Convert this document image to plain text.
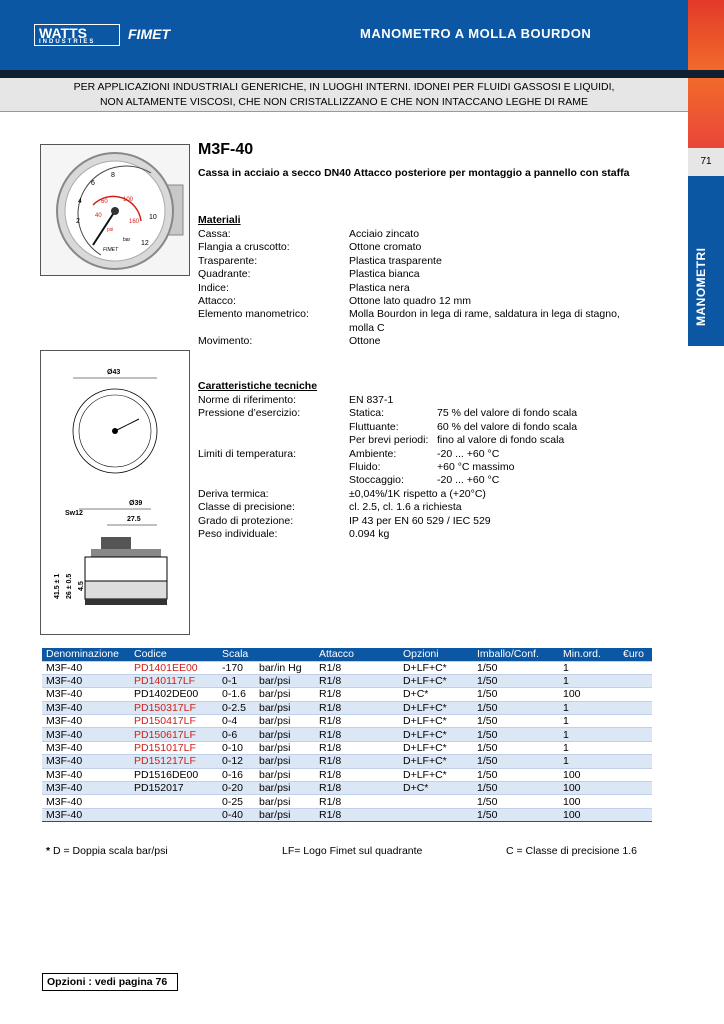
WATTS
INDUSTRIES	FIMET	MANOMETRO A MOLLA BOURDON
PER APPLICAZIONI INDUSTRIALI GENERICHE, IN LUOGHI INTERNI. IDONEI PER FLUIDI GASSOSI E LIQUIDI,
NON ALTAMENTE VISCOSI, CHE NON CRISTALLIZZANO E CHE NON INTACCANO LEGHE DI RAME
71
MANOMETRI
2
4
6
8
10
12
40
60	100
160
psi
bar
FIMET
Ø43
Ø39
Sw12
27.5
41.5 ± 1 26 ± 0.5 4.5
M3F-40
Cassa in acciaio a secco DN40 Attacco posteriore per montaggio a pannello con staffa
Materiali
Cassa:	Acciaio zincato
Flangia a cruscotto:	Ottone cromato
Trasparente:	Plastica trasparente
Quadrante:	Plastica bianca
Indice:	Plastica nera
Attacco:	Ottone lato quadro 12 mm
Elemento manometrico:	Molla Bourdon in lega di rame, saldatura in lega di stagno,
molla C
Movimento:	Ottone
Caratteristiche tecniche
Norme di riferimento:	EN 837-1
Pressione d’esercizio:	Statica:	75 % del valore di fondo scala
Fluttuante:	60 % del valore di fondo scala
Per brevi periodi: fino al valore di fondo scala
Limiti di temperatura:	Ambiente:	-20 ... +60 °C
Fluido:	+60 °C massimo
Stoccaggio:	-20 ... +60 °C
Deriva termica:	±0,04%/1K rispetto a (+20°C)
Classe di precisione:	cl. 2.5, cl. 1.6 a richiesta
Grado di protezione:	IP 43 per EN 60 529 / IEC 529
Peso individuale:	0.094 kg
Denominazione	Codice	Scala		Attacco	Opzioni	Imballo/Conf.	Min.ord.	€uro
M3F-40	PD1401EE00	-170	bar/in Hg	R1/8	D+LF+C*	1/50	1	
M3F-40	PD140117LF	0-1	bar/psi	R1/8	D+LF+C*	1/50	1	
M3F-40	PD1402DE00	0-1.6	bar/psi	R1/8	D+C*	1/50	100	
M3F-40	PD150317LF	0-2.5	bar/psi	R1/8	D+LF+C*	1/50	1	
M3F-40	PD150417LF	0-4	bar/psi	R1/8	D+LF+C*	1/50	1	
M3F-40	PD150617LF	0-6	bar/psi	R1/8	D+LF+C*	1/50	1	
M3F-40	PD151017LF	0-10	bar/psi	R1/8	D+LF+C*	1/50	1	
M3F-40	PD151217LF	0-12	bar/psi	R1/8	D+LF+C*	1/50	1	
M3F-40	PD1516DE00	0-16	bar/psi	R1/8	D+LF+C*	1/50	100	
M3F-40	PD152017	0-20	bar/psi	R1/8	D+C*	1/50	100	
M3F-40		0-25	bar/psi	R1/8		1/50	100	
M3F-40		0-40	bar/psi	R1/8		1/50	100	
* D = Doppia scala bar/psi	LF= Logo Fimet sul quadrante	C = Classe di precisione 1.6
Opzioni : vedi pagina 76
